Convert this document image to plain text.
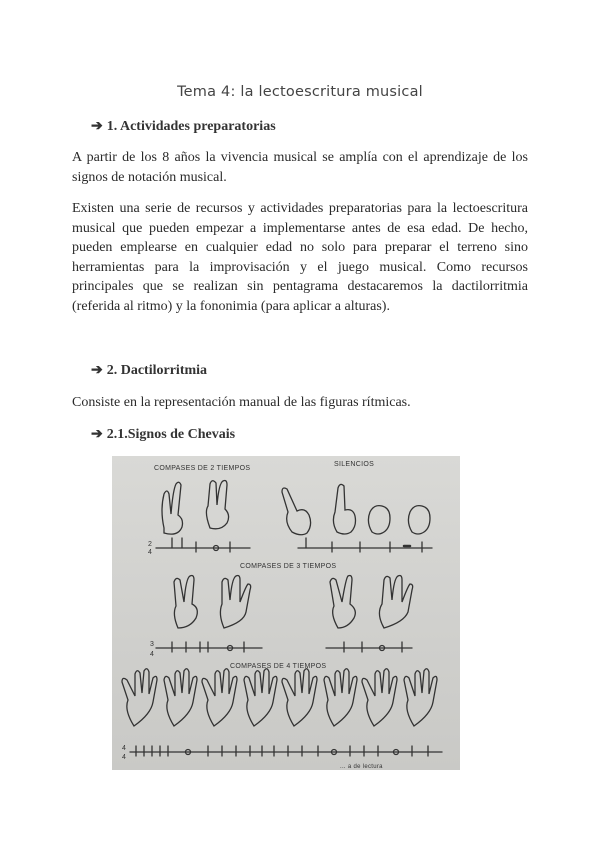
Tema 4: la lectoescritura musical
➔ 1. Actividades preparatorias
A partir de los 8 años la vivencia musical se amplía con el aprendizaje de los signos de notación musical.
Existen una serie de recursos y actividades preparatorias para la lectoescritura musical que pueden empezar a implementarse antes de esa edad. De hecho, pueden emplearse en cualquier edad no solo para preparar el terreno sino herramientas para la improvisación y el juego musical. Como recursos principales que se realizan sin pentagrama destacaremos la dactilorritmia (referida al ritmo) y la fononimia (para aplicar a alturas).
➔ 2. Dactilorritmia
Consiste en la representación manual de las figuras rítmicas.
➔ 2.1.Signos de Chevais
COMPASES DE 2 TIEMPOS
SILENCIOS
COMPASES DE 3 TIEMPOS
COMPASES DE 4 TIEMPOS
2
4
3
4
4
4
... a de lectura
